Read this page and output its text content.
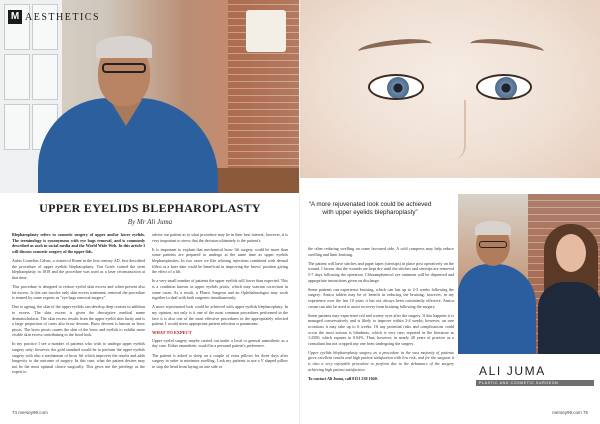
M AESTHETICS
UPPER EYELIDS BLEPHAROPLASTY
By Mr Ali Juma

Blepharoplasty refers to cosmetic surgery of upper and/or lower eyelids. The terminology is synonymous with eye bags removal, and is commonly described as such in social media and the World Wide Web. In this article I will discuss cosmetic surgery of the upper lids.

Aulus Cornelius Celsus, a citizen of Rome in the first century AD, first described the procedure of upper eyelids blepharoplasty. Von Grafe coined the term blepharoplasty in 1818 and the procedure was used as a laser reconstruction at that time.

This procedure is designed to reduce eyelid skin excess and when present also fat excess. Is this can involve only skin excess treatment, removal the procedure is termed by some experts as "eye bags removal surgery".

Due to ageing, the skin of the upper eyelids can develop deep creases in addition to excess. The skin excess is given the descriptive medical name dermatochalasis. The skin excess results from the upper eyelid skin laxity and is a large proportion of cases also brow descent. Brow descent is known as brow ptosis. The brow ptosis causes the skin of the brow and eyelids to exhibit more visible skin excess contributing to the hood look.

In my practice I see a number of patients who wish to undergo upper eyelids surgery only; however, the gold standard would be to perform the upper eyelids surgery with also a mechanism of brow lift which improves the results and adds longevity to the outcome of surgery. In this case, what the patient desires may not be the most optimal choice surgically. This gives me the privilege as the expert to

advise our patient as to what procedure may be in their best interest; however, it is very important to stress that the decision ultimately is the patient's.

It is important to explain that mechanical brow lift surgery could be more than some patients are prepared to undergo at the same time as upper eyelids blepharoplasties. In two cases we like relaxing injections combined with dermal fillers at a later date could be beneficial in improving the brows' position giving the effect of a lift.

In a very small number of patients the upper eyelids will lower than expected. This is a condition known as upper eyelids ptosis, which may warrant correction in some cases. As a result, a Plastic Surgeon and an Ophthalmologist may work together to deal with both surgeries simultaneously.

A more rejuvenated look could be achieved with upper eyelids blepharoplasty. In my opinion, not only is it one of the most common procedures performed in the face it is also one of the most effective procedures in the appropriately selected patient. I would stress appropriate patient selection is paramount.

WHAT TO EXPECT

Upper eyelid surgery maybe carried out under a local or general anaesthetic as a day case. Either anaesthetic would be a personal patient's preference.

The patient is asked to sleep on a couple of extra pillows for three days after surgery in order to minimise swelling. I ask my patients to use a V shaped pillow to stop the head from laying on one side or

74 mersey99.com
“A more rejuvenated look could be achieved with upper eyelids blepharoplasty”
ALI JUMA
PLASTIC AND COSMETIC SURGEON

the other reducing swelling on some favoured side. A cold compress may help reduce swelling and limit bruising.

The patient will have stitches and paper tapes (sterisips) in place post operatively on the wound. I favour that the wounds are kept dry until the stitches and sterisips are removed 5-7 days following the operation. Chloramphenicol eye ointment will be dispensed and appropriate instructions given on discharge.

Some patients can experience bruising, which can last up to 2-3 weeks following the surgery. Arnica tablets may be of benefit in reducing the bruising, however, in my experience over the last 10 years it has not always been consistently effective. Arnica cream can also be used to assist recovery from bruising following the surgery.

Some patients may experience red and watery eyes after the surgery. If this happens it is managed conservatively and is likely to improve within 2-4 weeks; however, on rare occasions it may take up to 6 weeks. Of any potential risks and complications could occur the most serious is blindness, which is very rare; reported in the literature as 1:2500, which equates to 0.04%. Thus, however, in nearly 20 years of practice as a consultant has not cropped any one from undergoing the surgery.

Upper eyelids blepharoplasty surgery as a procedure in the vast majority of patients gives excellent results and high patient satisfaction with low risk, and for the surgeon it is also a very enjoyable procedure to perform due to the debutance of the surgery achieving high patient satisfaction.

To contact Ali Juma, call 0151 230 1040.

mersey99.com 75
